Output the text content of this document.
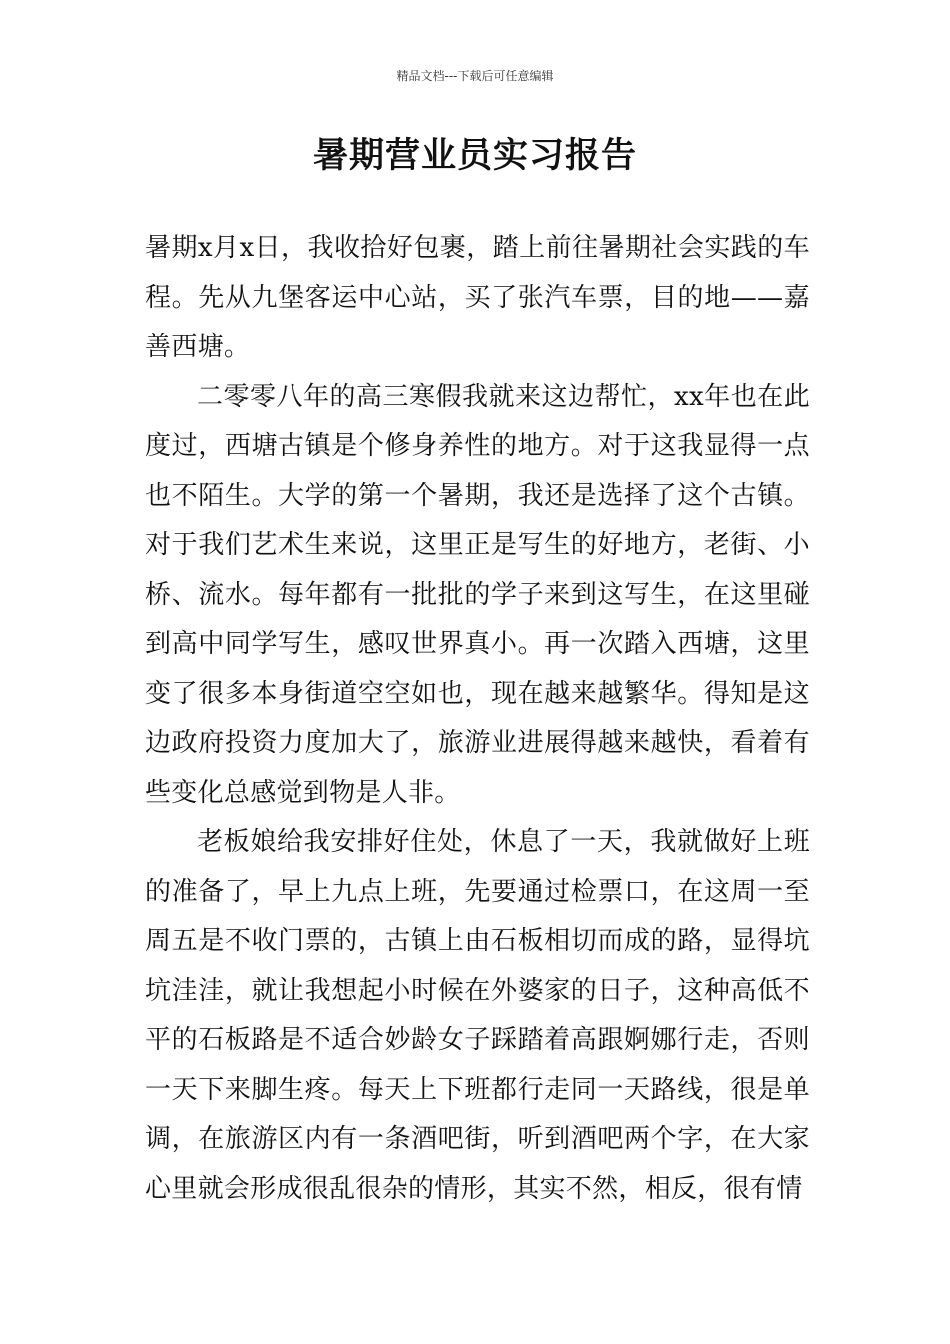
精品文档---下载后可任意编辑
暑期营业员实习报告

暑期x月x日，我收拾好包裹，踏上前往暑期社会实践的车程。先从九堡客运中心站，买了张汽车票，目的地——嘉善西塘。

二零零八年的高三寒假我就来这边帮忙，xx年也在此度过，西塘古镇是个修身养性的地方。对于这我显得一点也不陌生。大学的第一个暑期，我还是选择了这个古镇。对于我们艺术生来说，这里正是写生的好地方，老街、小桥、流水。每年都有一批批的学子来到这写生，在这里碰到高中同学写生，感叹世界真小。再一次踏入西塘，这里变了很多本身街道空空如也，现在越来越繁华。得知是这边政府投资力度加大了，旅游业进展得越来越快，看着有些变化总感觉到物是人非。

老板娘给我安排好住处，休息了一天，我就做好上班的准备了，早上九点上班，先要通过检票口，在这周一至周五是不收门票的，古镇上由石板相切而成的路，显得坑坑洼洼，就让我想起小时候在外婆家的日子，这种高低不平的石板路是不适合妙龄女子踩踏着高跟婀娜行走，否则一天下来脚生疼。每天上下班都行走同一天路线，很是单调，在旅游区内有一条酒吧街，听到酒吧两个字，在大家心里就会形成很乱很杂的情形，其实不然，相反，很有情
